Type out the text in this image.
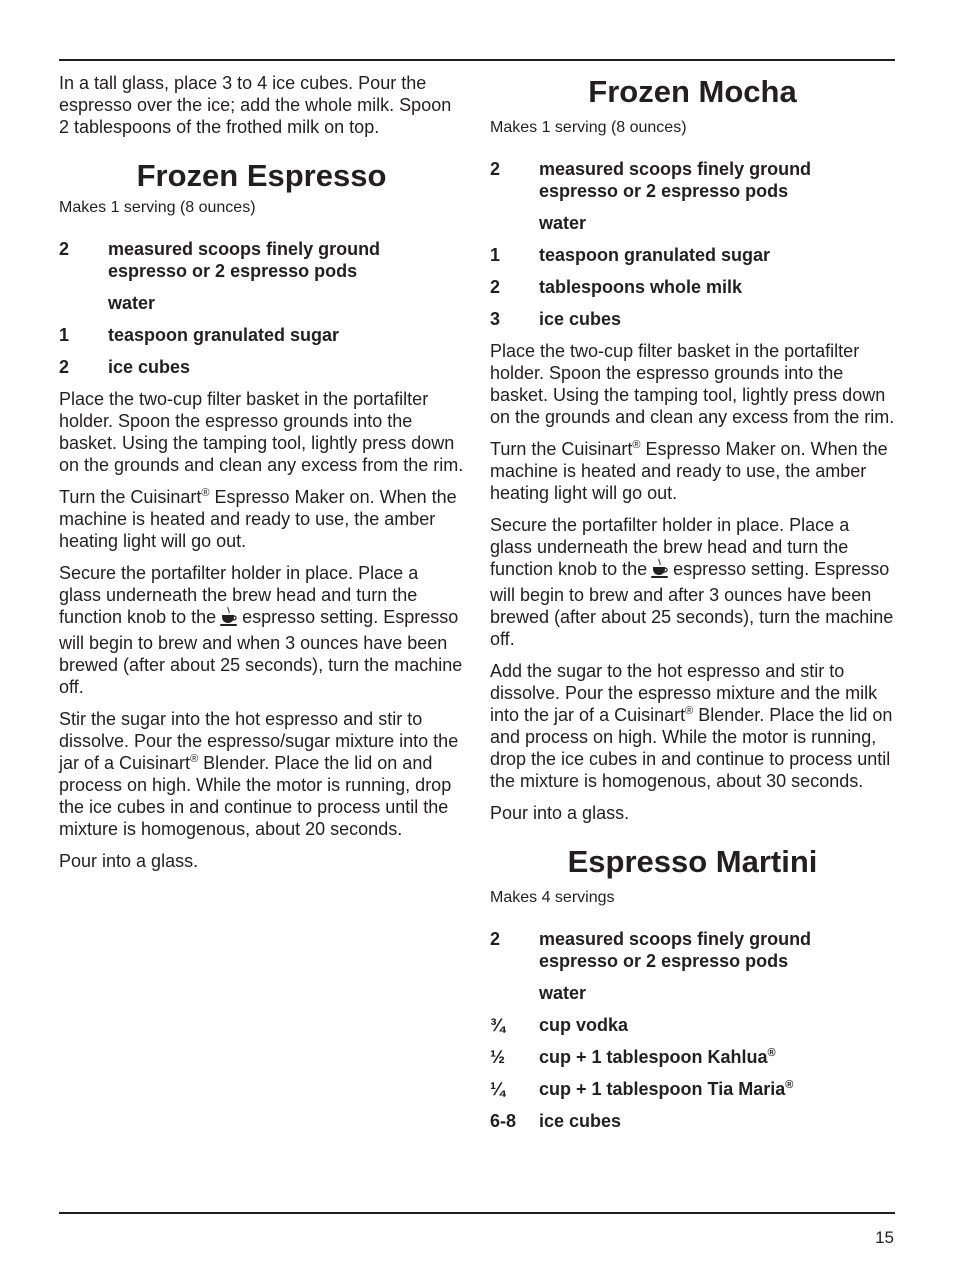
In a tall glass, place 3 to 4 ice cubes. Pour the espresso over the ice; add the whole milk. Spoon 2 tablespoons of the frothed milk on top.

Frozen Espresso

Makes 1 serving (8 ounces)

2	measured scoops finely ground espresso or 2 espresso pods
water
1	teaspoon granulated sugar
2	ice cubes

Place the two-cup filter basket in the portafilter holder. Spoon the espresso grounds into the basket. Using the tamping tool, lightly press down on the grounds and clean any excess from the rim.

Turn the Cuisinart® Espresso Maker on. When the machine is heated and ready to use, the amber heating light will go out.

Secure the portafilter holder in place. Place a glass underneath the brew head and turn the function knob to the espresso setting. Espresso will begin to brew and when 3 ounces have been brewed (after about 25 seconds), turn the machine off.

Stir the sugar into the hot espresso and stir to dissolve. Pour the espresso/sugar mixture into the jar of a Cuisinart® Blender. Place the lid on and process on high. While the motor is running, drop the ice cubes in and continue to process until the mixture is homogenous, about 20 seconds.

Pour into a glass.

Frozen Mocha

Makes 1 serving (8 ounces)

2	measured scoops finely ground espresso or 2 espresso pods
water
1	teaspoon granulated sugar
2	tablespoons whole milk
3	ice cubes

Place the two-cup filter basket in the portafilter holder. Spoon the espresso grounds into the basket. Using the tamping tool, lightly press down on the grounds and clean any excess from the rim.

Turn the Cuisinart® Espresso Maker on. When the machine is heated and ready to use, the amber heating light will go out.

Secure the portafilter holder in place. Place a glass underneath the brew head and turn the function knob to the espresso setting. Espresso will begin to brew and after 3 ounces have been brewed (after about 25 seconds), turn the machine off.

Add the sugar to the hot espresso and stir to dissolve. Pour the espresso mixture and the milk into the jar of a Cuisinart® Blender. Place the lid on and process on high. While the motor is running, drop the ice cubes in and continue to process until the mixture is homogenous, about 30 seconds.

Pour into a glass.

Espresso Martini

Makes 4 servings

2	measured scoops finely ground espresso or 2 espresso pods
water
¾	cup vodka
½	cup + 1 tablespoon Kahlua®
¼	cup + 1 tablespoon Tia Maria®
6-8	ice cubes
15
